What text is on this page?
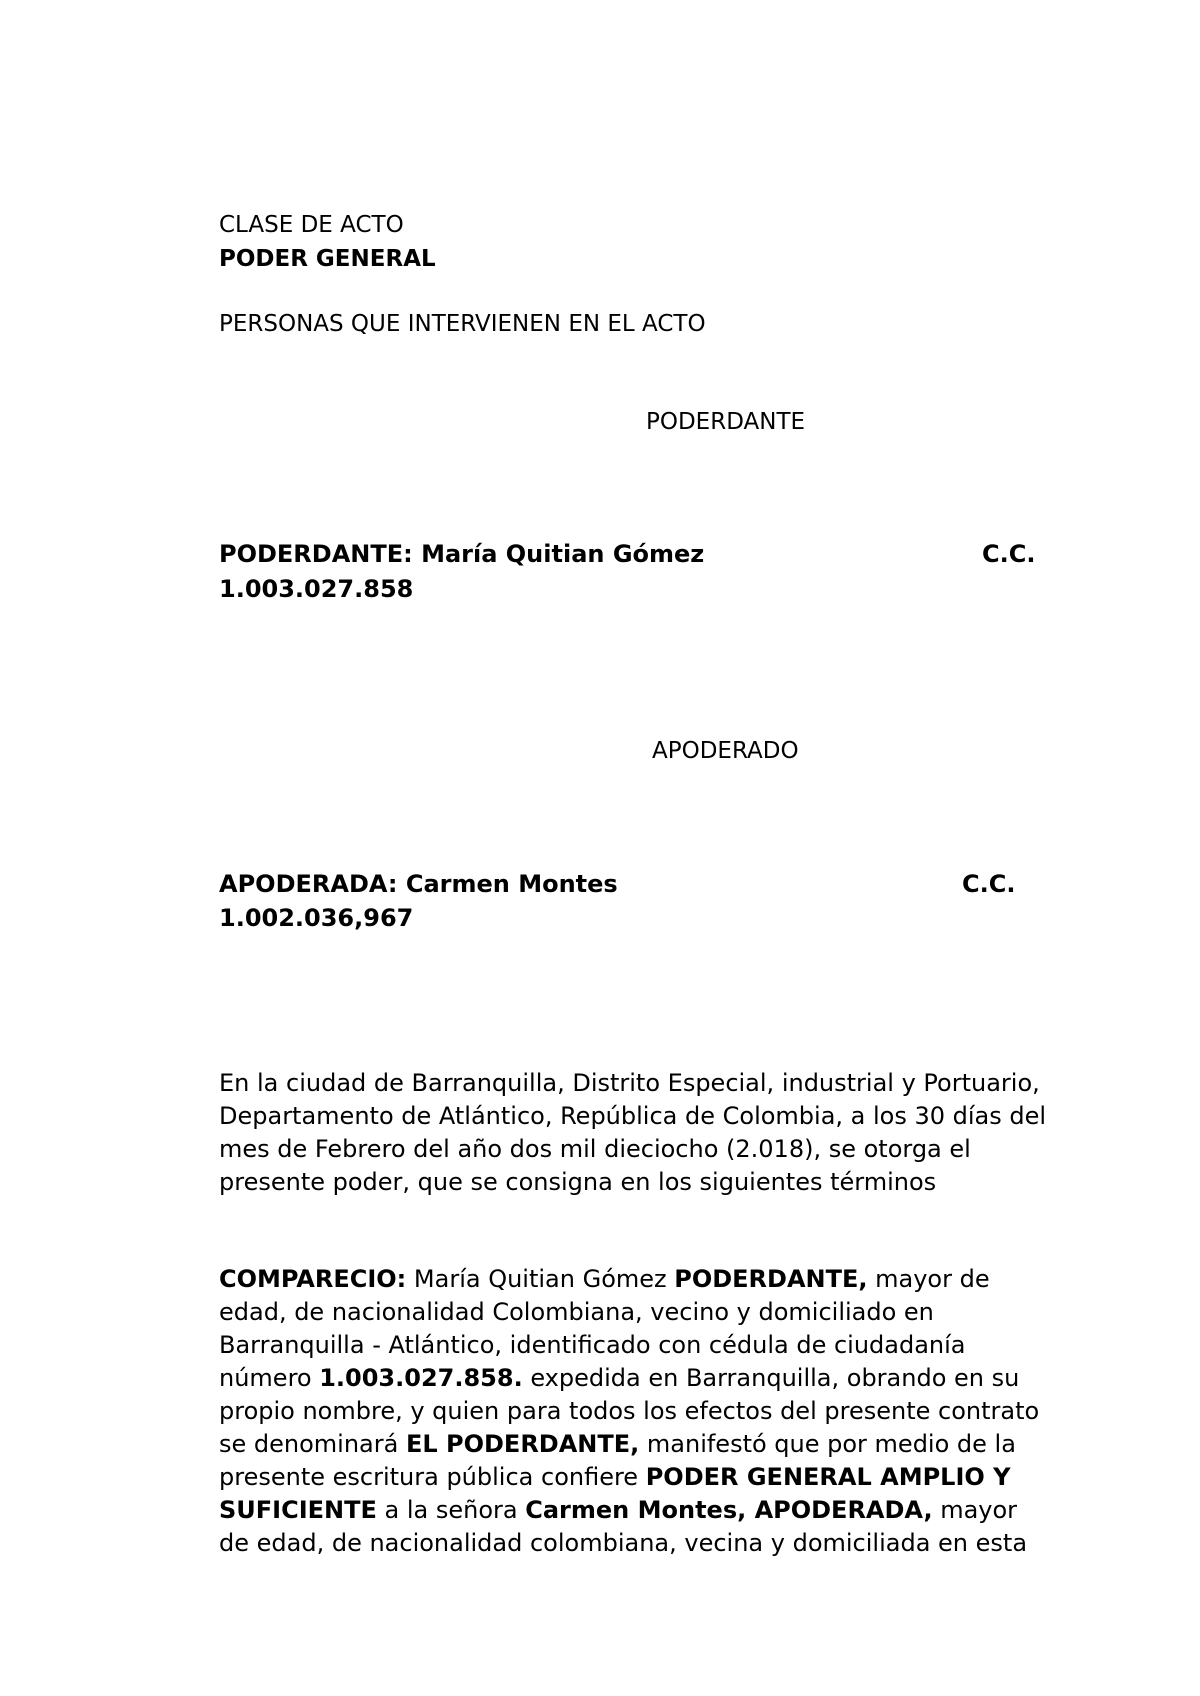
CLASE DE ACTO
PODER GENERAL
PERSONAS QUE INTERVIENEN EN EL ACTO
PODERDANTE
PODERDANTE: María Quitian Gómez	C.C.
1.003.027.858
APODERADO
APODERADA: Carmen Montes	C.C.
1.002.036,967

En la ciudad de Barranquilla, Distrito Especial, industrial y Portuario,

Departamento de Atlántico, República de Colombia, a los 30 días del

mes de Febrero del año dos mil dieciocho (2.018), se otorga el

presente poder, que se consigna en los siguientes términos

COMPARECIO: María Quitian Gómez PODERDANTE, mayor de

edad, de nacionalidad Colombiana, vecino y domiciliado en

Barranquilla - Atlántico, identificado con cédula de ciudadanía

número 1.003.027.858. expedida en Barranquilla, obrando en su

propio nombre, y quien para todos los efectos del presente contrato

se denominará EL PODERDANTE, manifestó que por medio de la

presente escritura pública confiere PODER GENERAL AMPLIO Y

SUFICIENTE a la señora Carmen Montes, APODERADA, mayor

de edad, de nacionalidad colombiana, vecina y domiciliada en esta
